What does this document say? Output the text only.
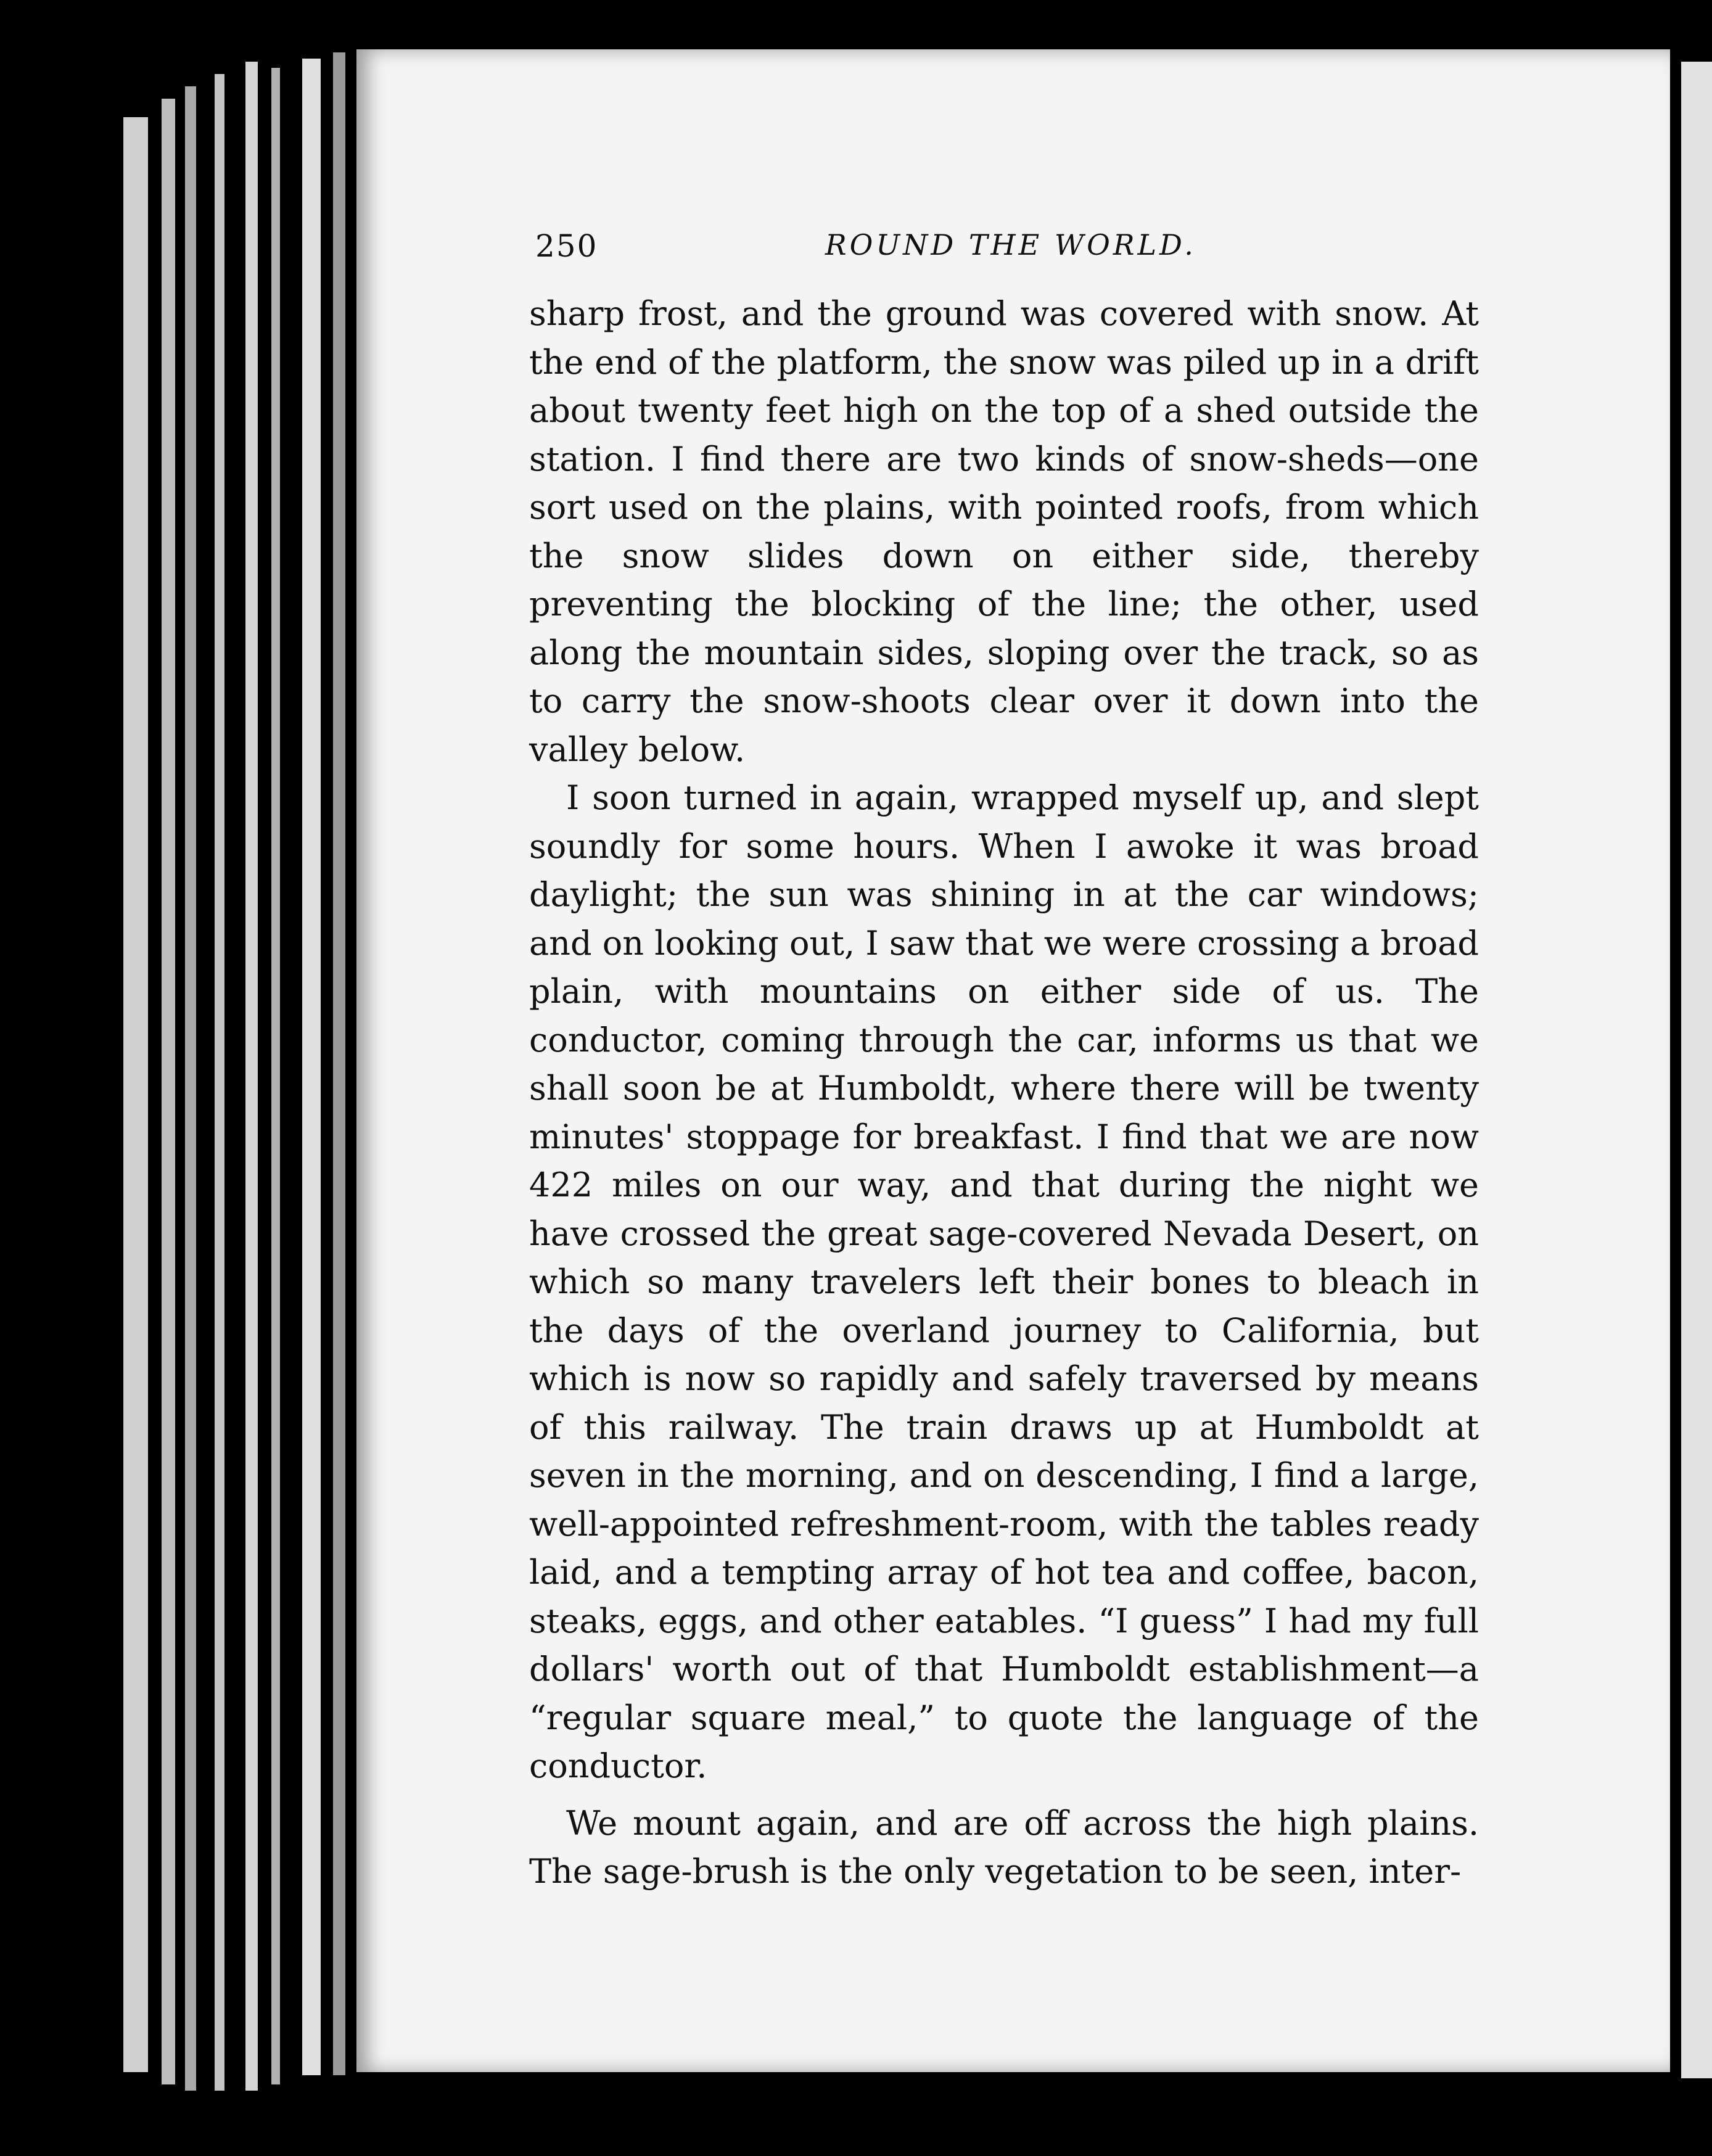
250	ROUND THE WORLD.

sharp frost, and the ground was covered with snow. At the end of the platform, the snow was piled up in a drift about twenty feet high on the top of a shed outside the station. I find there are two kinds of snow-sheds—one sort used on the plains, with pointed roofs, from which the snow slides down on either side, thereby preventing the blocking of the line; the other, used along the mountain sides, sloping over the track, so as to carry the snow-shoots clear over it down into the valley below.

I soon turned in again, wrapped myself up, and slept soundly for some hours. When I awoke it was broad daylight; the sun was shining in at the car windows; and on looking out, I saw that we were crossing a broad plain, with mountains on either side of us. The conductor, coming through the car, informs us that we shall soon be at Humboldt, where there will be twenty minutes' stoppage for breakfast. I find that we are now 422 miles on our way, and that during the night we have crossed the great sage-covered Nevada Desert, on which so many travelers left their bones to bleach in the days of the overland journey to California, but which is now so rapidly and safely traversed by means of this railway. The train draws up at Humboldt at seven in the morning, and on descending, I find a large, well-appointed refreshment-room, with the tables ready laid, and a tempting array of hot tea and coffee, bacon, steaks, eggs, and other eatables. “I guess” I had my full dollars' worth out of that Humboldt establishment—a “regular square meal,” to quote the language of the conductor.

We mount again, and are off across the high plains. The sage-brush is the only vegetation to be seen, inter-
